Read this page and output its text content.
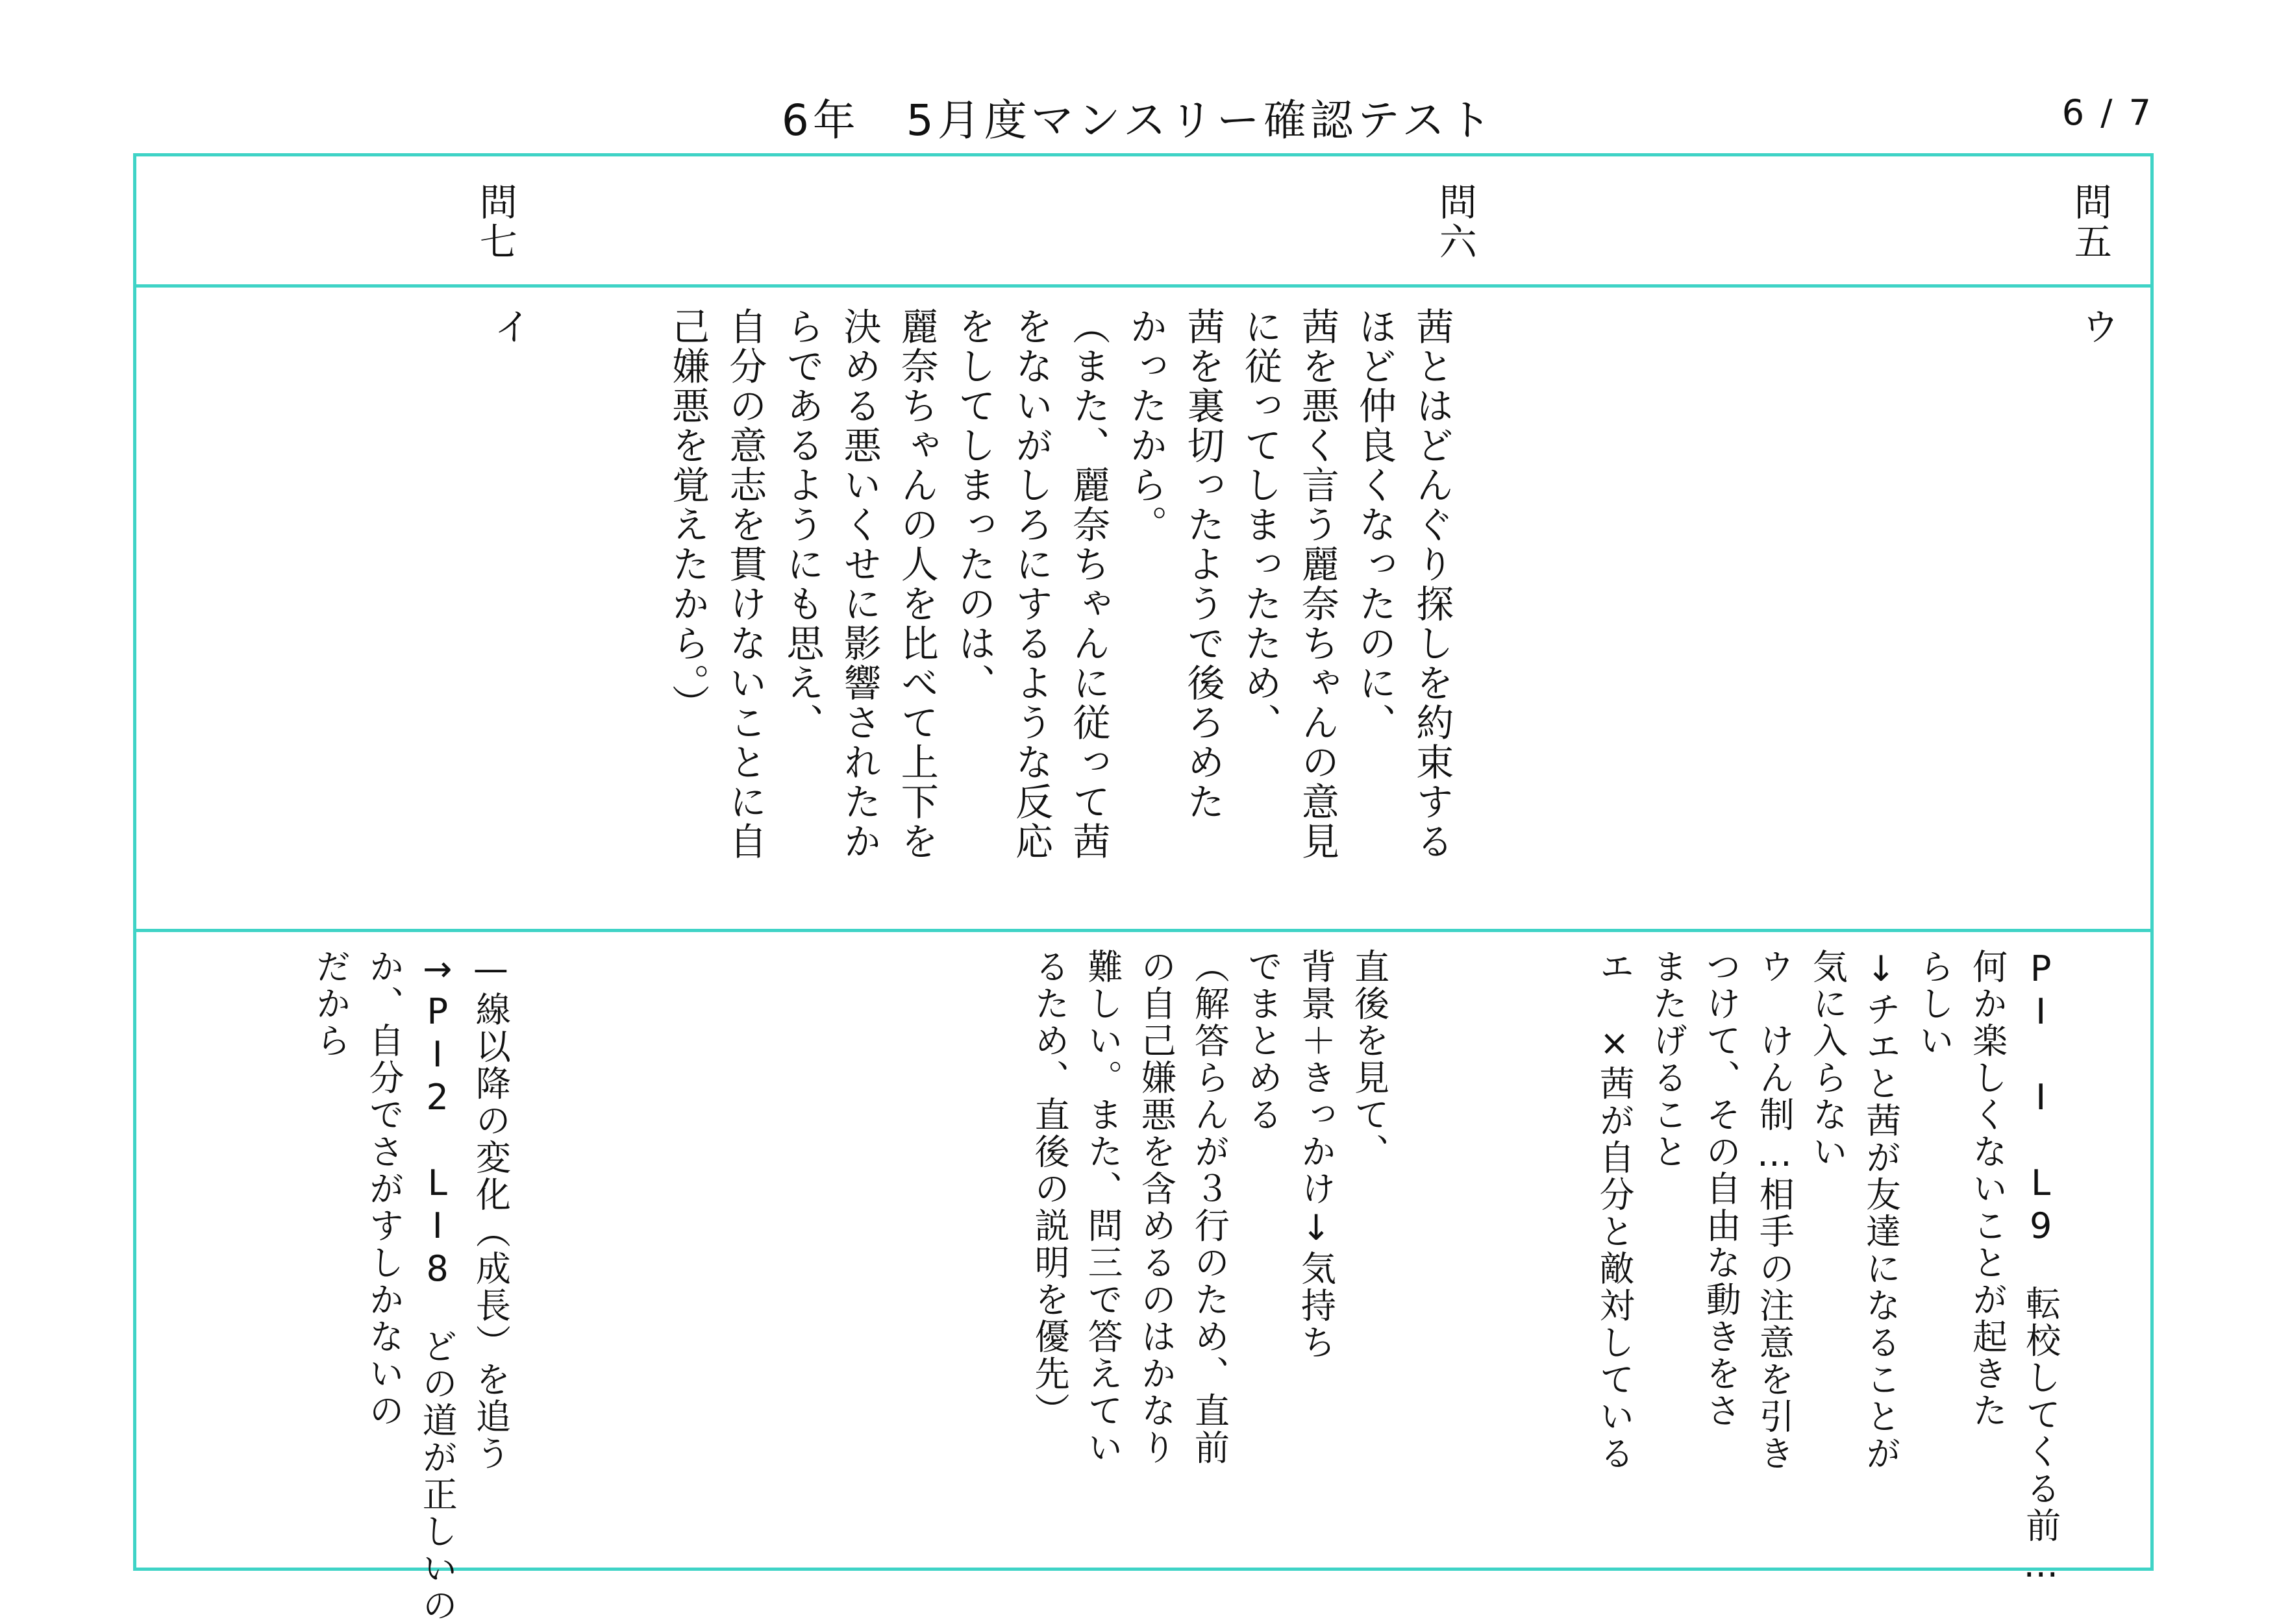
6年　5月度マンスリー確認テスト	6 / 7
問五
問六
問七
ウ
茜とはどんぐり探しを約束する
ほど仲良くなったのに、
茜を悪く言う麗奈ちゃんの意見
に従ってしまったため、
茜を裏切ったようで後ろめた
かったから。
（また、麗奈ちゃんに従って茜
をないがしろにするような反応
をしてしまったのは、
麗奈ちゃんの人を比べて上下を
決める悪いくせに影響されたか
らであるようにも思え、
自分の意志を貫けないことに自
己嫌悪を覚えたから。）
イ
PI I L9　転校してくる前…
何か楽しくないことが起きた
らしい
↓チエと茜が友達になることが
気に入らない
ウ　けん制…相手の注意を引き
つけて、その自由な動きをさ
またげること
エ　×茜が自分と敵対している
直後を見て、
背景＋きっかけ↓気持ち
でまとめる
（解答らんが３行のため、直前
の自己嫌悪を含めるのはかなり
難しい。また、問三で答えてい
るため、直後の説明を優先）
—線以降の変化（成長）を追う
→PI2 LI8　どの道が正しいの
か、自分でさがすしかないの
だから
